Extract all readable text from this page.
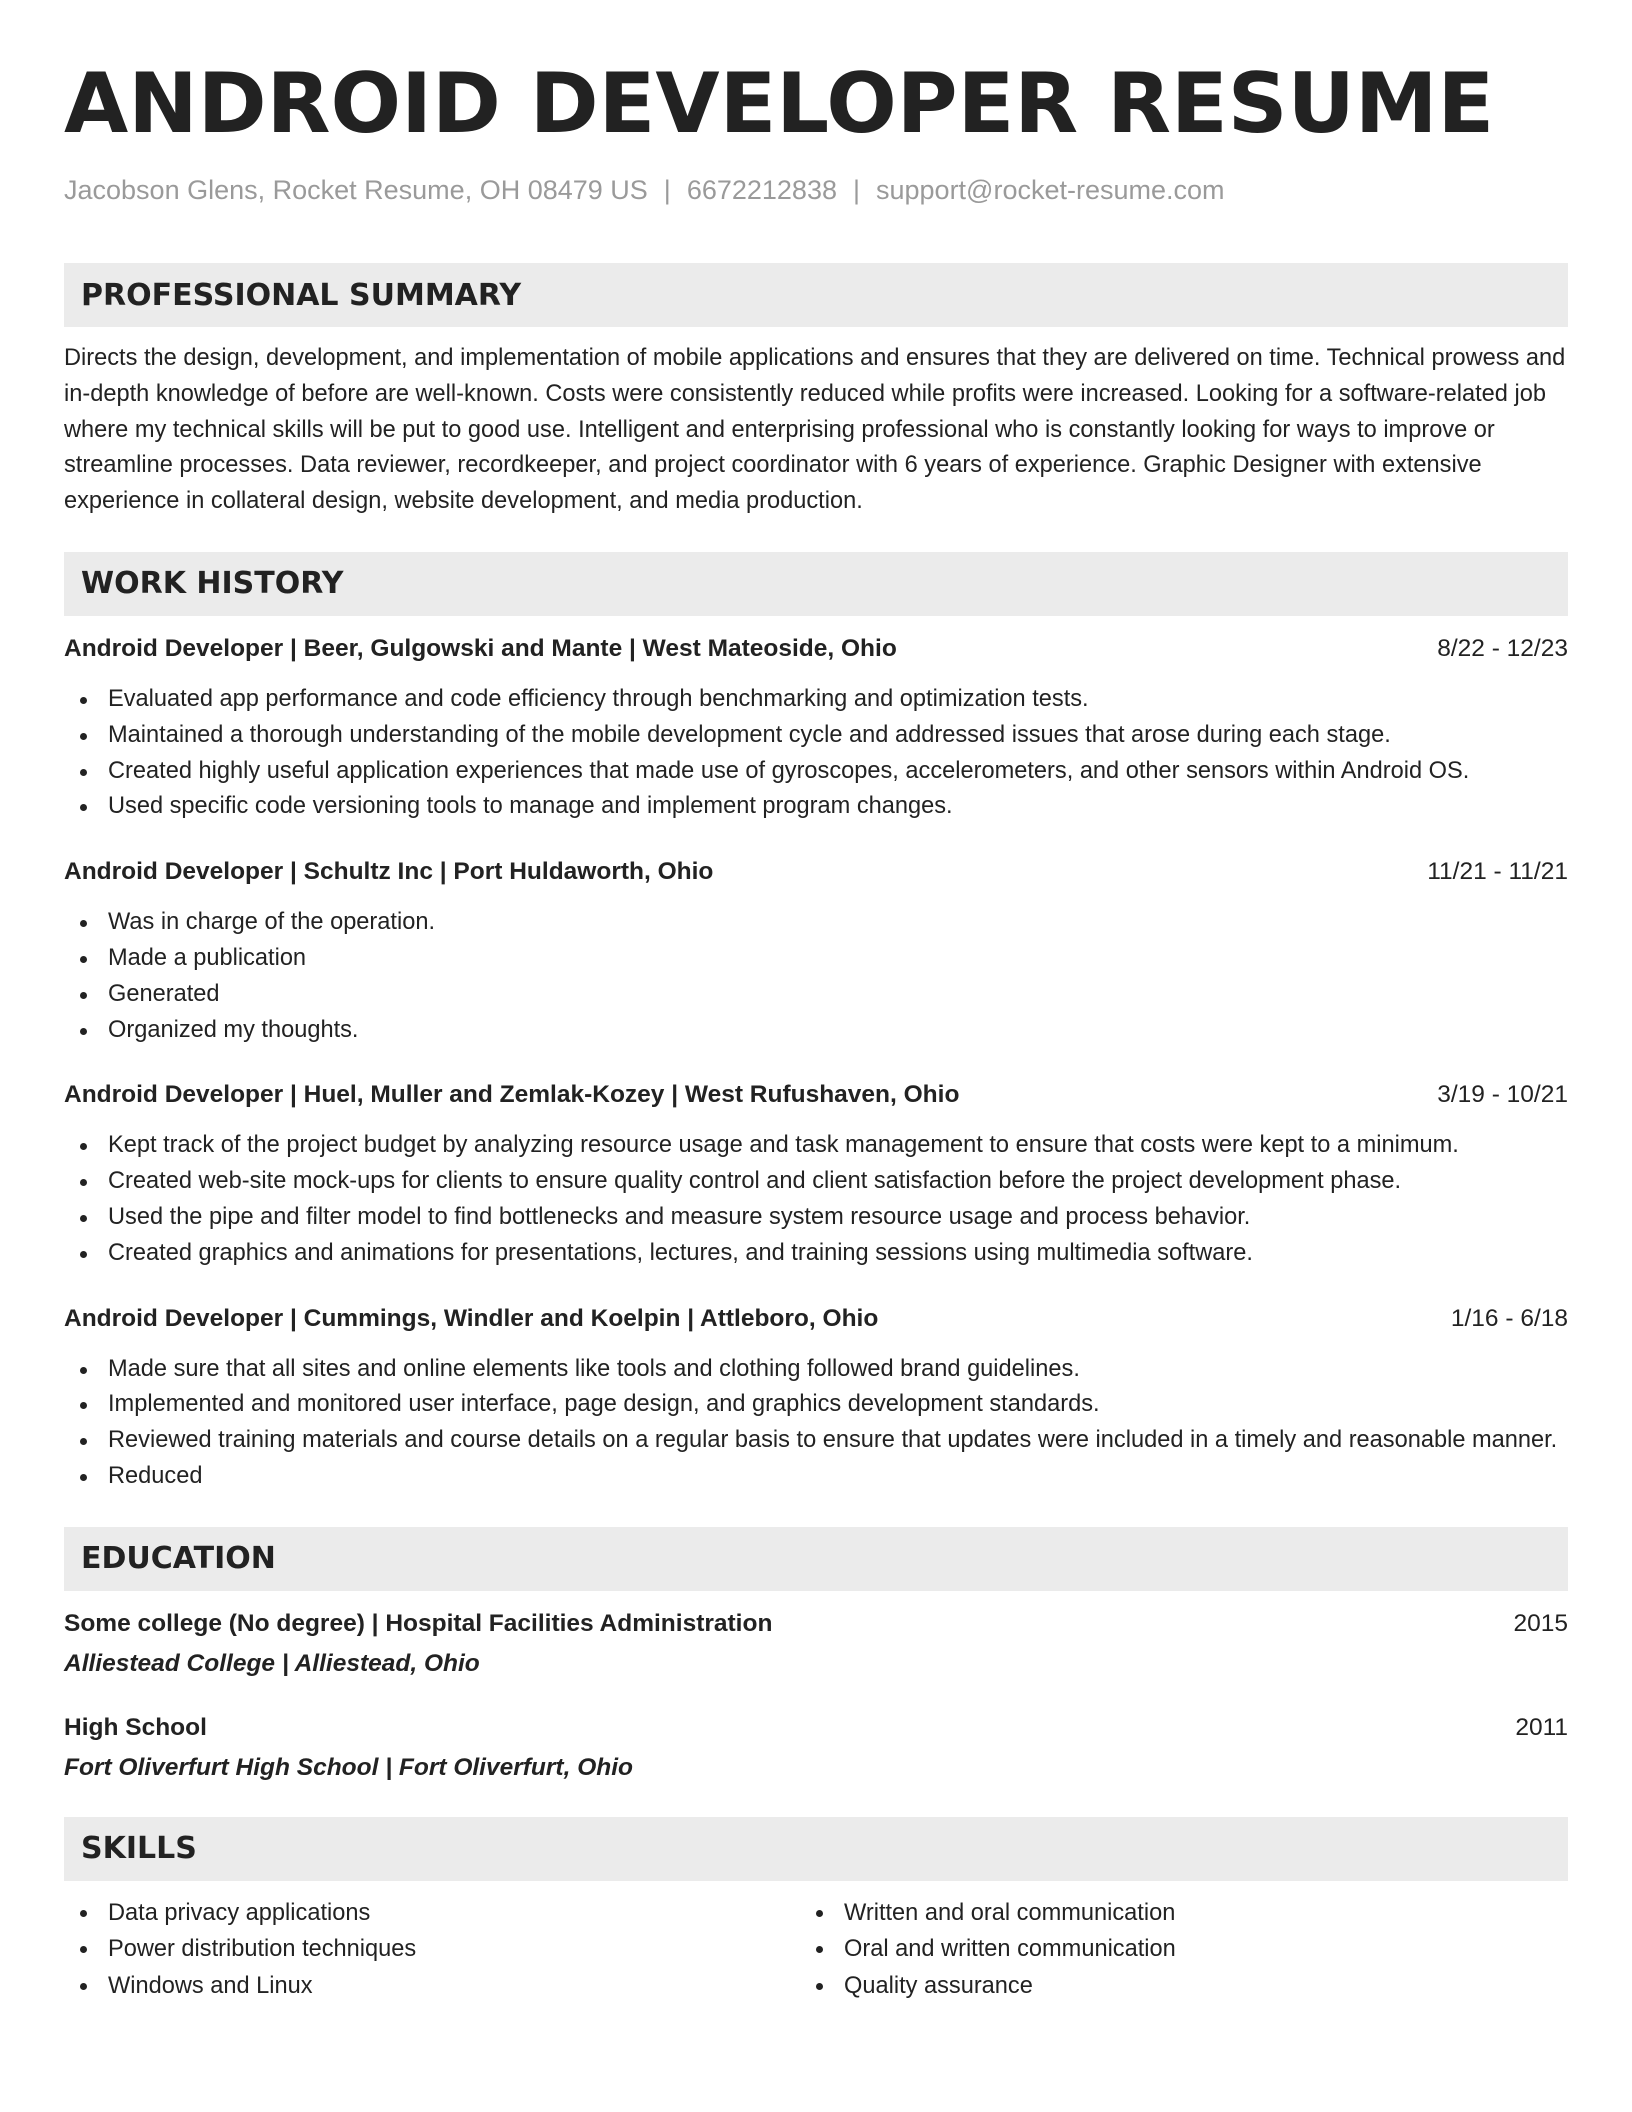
ANDROID DEVELOPER RESUME
Jacobson Glens, Rocket Resume, OH 08479 US | 6672212838 | support@rocket-resume.com
PROFESSIONAL SUMMARY

Directs the design, development, and implementation of mobile applications and ensures that they are delivered on time. Technical prowess and in-depth knowledge of before are well-known. Costs were consistently reduced while profits were increased. Looking for a software-related job where my technical skills will be put to good use. Intelligent and enterprising professional who is constantly looking for ways to improve or streamline processes. Data reviewer, recordkeeper, and project coordinator with 6 years of experience. Graphic Designer with extensive experience in collateral design, website development, and media production.

WORK HISTORY
Android Developer | Beer, Gulgowski and Mante | West Mateoside, Ohio	8/22 - 12/23
Evaluated app performance and code efficiency through benchmarking and optimization tests.
Maintained a thorough understanding of the mobile development cycle and addressed issues that arose during each stage.
Created highly useful application experiences that made use of gyroscopes, accelerometers, and other sensors within Android OS.
Used specific code versioning tools to manage and implement program changes.
Android Developer | Schultz Inc | Port Huldaworth, Ohio	11/21 - 11/21
Was in charge of the operation.
Made a publication
Generated
Organized my thoughts.
Android Developer | Huel, Muller and Zemlak-Kozey | West Rufushaven, Ohio	3/19 - 10/21
Kept track of the project budget by analyzing resource usage and task management to ensure that costs were kept to a minimum.
Created web-site mock-ups for clients to ensure quality control and client satisfaction before the project development phase.
Used the pipe and filter model to find bottlenecks and measure system resource usage and process behavior.
Created graphics and animations for presentations, lectures, and training sessions using multimedia software.
Android Developer | Cummings, Windler and Koelpin | Attleboro, Ohio	1/16 - 6/18
Made sure that all sites and online elements like tools and clothing followed brand guidelines.
Implemented and monitored user interface, page design, and graphics development standards.
Reviewed training materials and course details on a regular basis to ensure that updates were included in a timely and reasonable manner.
Reduced
EDUCATION
Some college (No degree) | Hospital Facilities Administration	2015
Alliestead College | Alliestead, Ohio
High School	2011
Fort Oliverfurt High School | Fort Oliverfurt, Ohio
SKILLS
Data privacy applications
Power distribution techniques
Windows and Linux
Written and oral communication
Oral and written communication
Quality assurance
